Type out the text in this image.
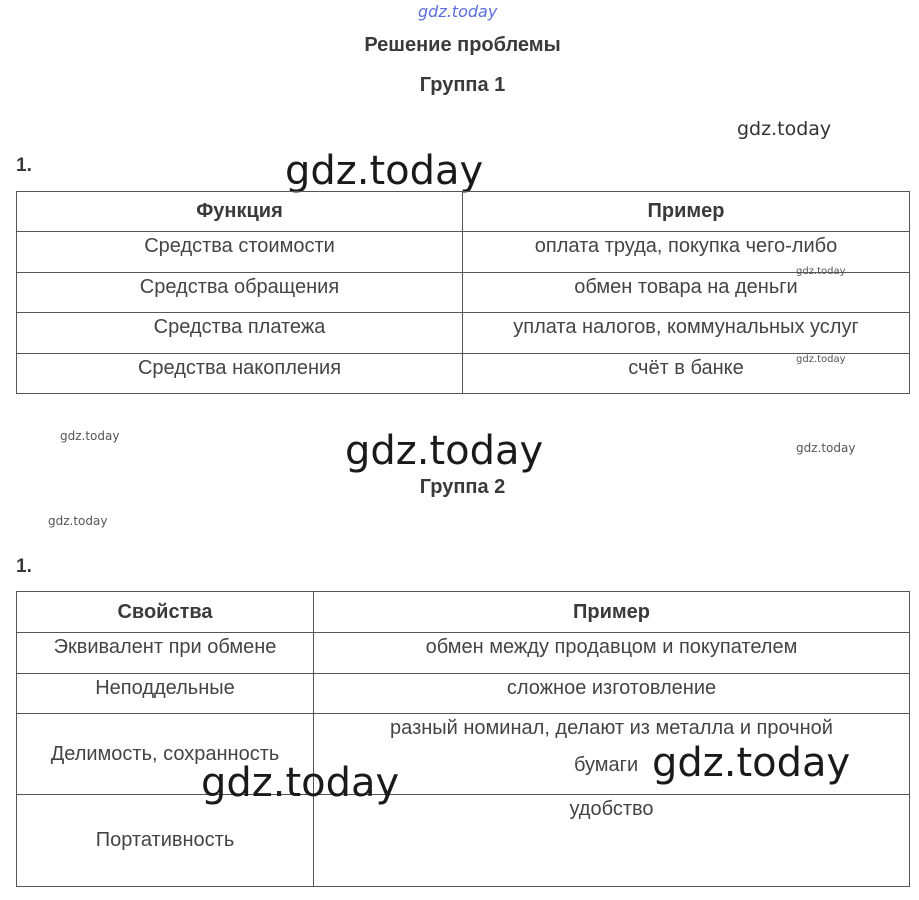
gdz.today
gdz.today
gdz.today
gdz.today	gdz.today	gdz.today
gdz.today
Решение проблемы
Группа 1
1.
Функция	Пример
Средства стоимости	оплата труда, покупка чего-либо
Средства обращения	обмен товара на деньги
Средства платежа	уплата налогов, коммунальных услуг
Средства накопления	счёт в банке
gdz.today
gdz.today
Группа 2
1.
Свойства	Пример
Эквивалент при обмене	обмен между продавцом и покупателем
Неподдельные	сложное изготовление
Делимость, сохранность	разный номинал, делают из металла и прочной
бумаги

Портативность	удобство
gdz.today
gdz.today
